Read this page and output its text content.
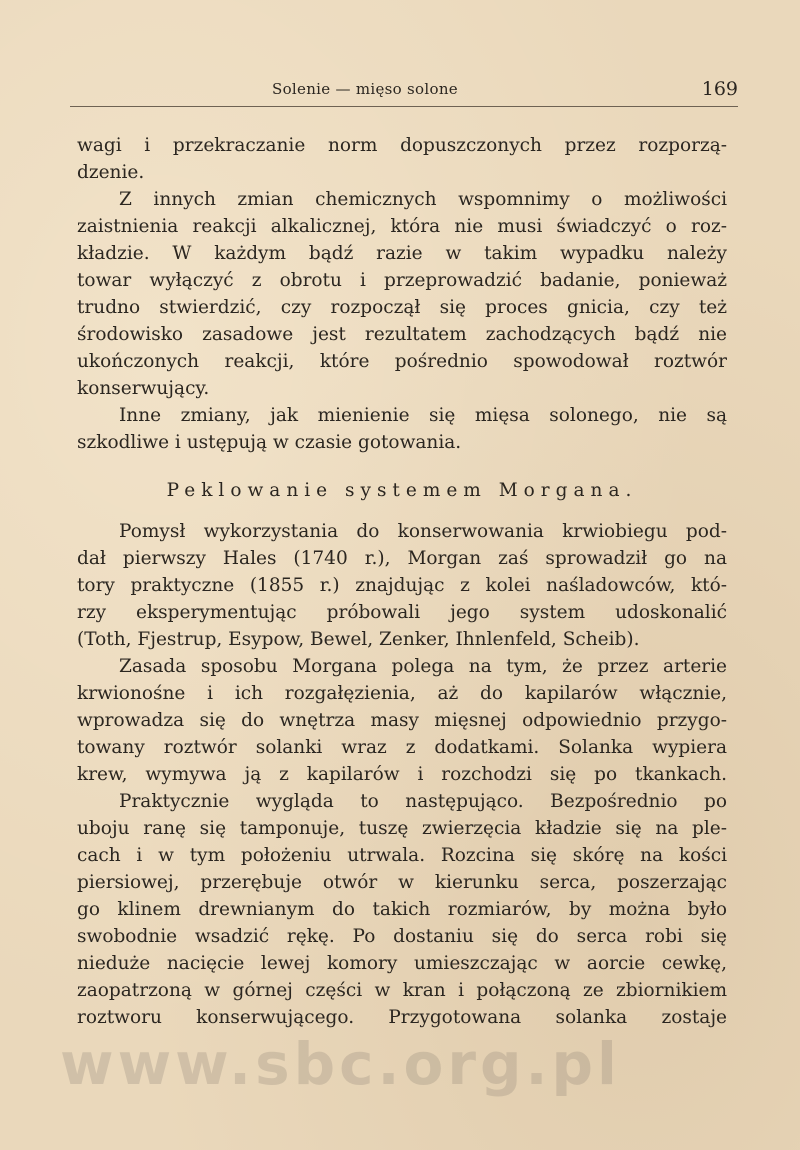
Solenie — mięso solone	169
wagi i przekraczanie norm dopuszczonych przez rozporzą-
dzenie.
Z innych zmian chemicznych wspomnimy o możliwości
zaistnienia reakcji alkalicznej, która nie musi świadczyć o roz-
kładzie. W każdym bądź razie w takim wypadku należy
towar wyłączyć z obrotu i przeprowadzić badanie, ponieważ
trudno stwierdzić, czy rozpoczął się proces gnicia, czy też
środowisko zasadowe jest rezultatem zachodzących bądź nie
ukończonych reakcji, które pośrednio spowodował roztwór
konserwujący.
Inne zmiany, jak mienienie się mięsa solonego, nie są
szkodliwe i ustępują w czasie gotowania.
Peklowanie systemem Morgana.
Pomysł wykorzystania do konserwowania krwiobiegu pod-
dał pierwszy Hales (1740 r.), Morgan zaś sprowadził go na
tory praktyczne (1855 r.) znajdując z kolei naśladowców, któ-
rzy eksperymentując próbowali jego system udoskonalić
(Toth, Fjestrup, Esypow, Bewel, Zenker, Ihnlenfeld, Scheib).
Zasada sposobu Morgana polega na tym, że przez arterie
krwionośne i ich rozgałęzienia, aż do kapilarów włącznie,
wprowadza się do wnętrza masy mięsnej odpowiednio przygo-
towany roztwór solanki wraz z dodatkami. Solanka wypiera
krew, wymywa ją z kapilarów i rozchodzi się po tkankach.
Praktycznie wygląda to następująco. Bezpośrednio po
uboju ranę się tamponuje, tuszę zwierzęcia kładzie się na ple-
cach i w tym położeniu utrwala. Rozcina się skórę na kości
piersiowej, przerębuje otwór w kierunku serca, poszerzając
go klinem drewnianym do takich rozmiarów, by można było
swobodnie wsadzić rękę. Po dostaniu się do serca robi się
nieduże nacięcie lewej komory umieszczając w aorcie cewkę,
zaopatrzoną w górnej części w kran i połączoną ze zbiornikiem
roztworu konserwującego. Przygotowana solanka zostaje
www.sbc.org.pl
